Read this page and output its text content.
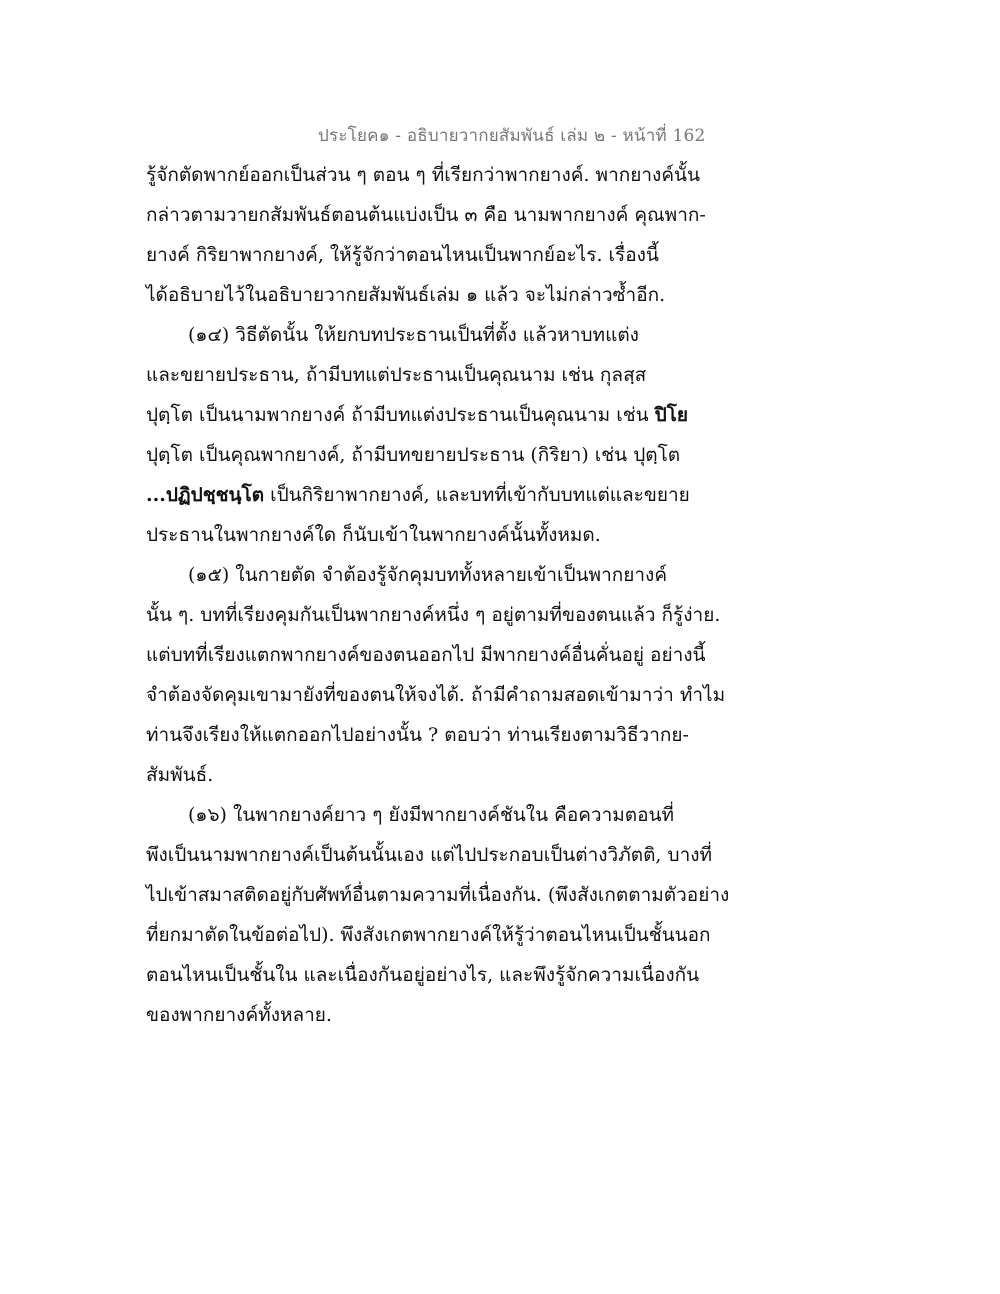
ประโยค๑ - อธิบายวากยสัมพันธ์ เล่ม ๒ - หน้าที่ 162
รู้จักตัดพากย์ออกเป็นส่วน ๆ ตอน ๆ ที่เรียกว่าพากยางค์. พากยางค์นั้น
กล่าวตามวายกสัมพันธ์ตอนต้นแบ่งเป็น ๓ คือ นามพากยางค์ คุณพาก-
ยางค์ กิริยาพากยางค์, ให้รู้จักว่าตอนไหนเป็นพากย์อะไร. เรื่องนี้
ได้อธิบายไว้ในอธิบายวากยสัมพันธ์เล่ม ๑ แล้ว จะไม่กล่าวซ้ำอีก.
(๑๔) วิธีตัดนั้น ให้ยกบทประธานเป็นที่ตั้ง แล้วหาบทแต่ง
และขยายประธาน, ถ้ามีบทแต่ประธานเป็นคุณนาม เช่น กุลสฺส
ปุตฺโต เป็นนามพากยางค์ ถ้ามีบทแต่งประธานเป็นคุณนาม เช่น ปิโย
ปุตฺโต เป็นคุณพากยางค์, ถ้ามีบทขยายประธาน (กิริยา) เช่น ปุตฺโต
...ปฏิปชฺชนฺโต เป็นกิริยาพากยางค์, และบทที่เข้ากับบทแต่และขยาย
ประธานในพากยางค์ใด ก็นับเข้าในพากยางค์นั้นทั้งหมด.
(๑๕) ในกายตัด จำต้องรู้จักคุมบททั้งหลายเข้าเป็นพากยางค์
นั้น ๆ. บทที่เรียงคุมกันเป็นพากยางค์หนึ่ง ๆ อยู่ตามที่ของตนแล้ว ก็รู้ง่าย.
แต่บทที่เรียงแตกพากยางค์ของตนออกไป มีพากยางค์อื่นคั่นอยู่ อย่างนี้
จำต้องจัดคุมเขามายังที่ของตนให้จงได้. ถ้ามีคำถามสอดเข้ามาว่า ทำไม
ท่านจึงเรียงให้แตกออกไปอย่างนั้น ? ตอบว่า ท่านเรียงตามวิธีวากย-
สัมพันธ์.
(๑๖) ในพากยางค์ยาว ๆ ยังมีพากยางค์ชันใน คือความตอนที่
พึงเป็นนามพากยางค์เป็นต้นนั้นเอง แต่ไปประกอบเป็นต่างวิภัตติ, บางที่
ไปเข้าสมาสติดอยู่กับศัพท์อื่นตามความที่เนื่องกัน. (พึงสังเกตตามตัวอย่าง
ที่ยกมาตัดในข้อต่อไป). พึงสังเกตพากยางค์ให้รู้ว่าตอนไหนเป็นชั้นนอก
ตอนไหนเป็นชั้นใน และเนื่องกันอยู่อย่างไร, และพึงรู้จักความเนื่องกัน
ของพากยางค์ทั้งหลาย.
